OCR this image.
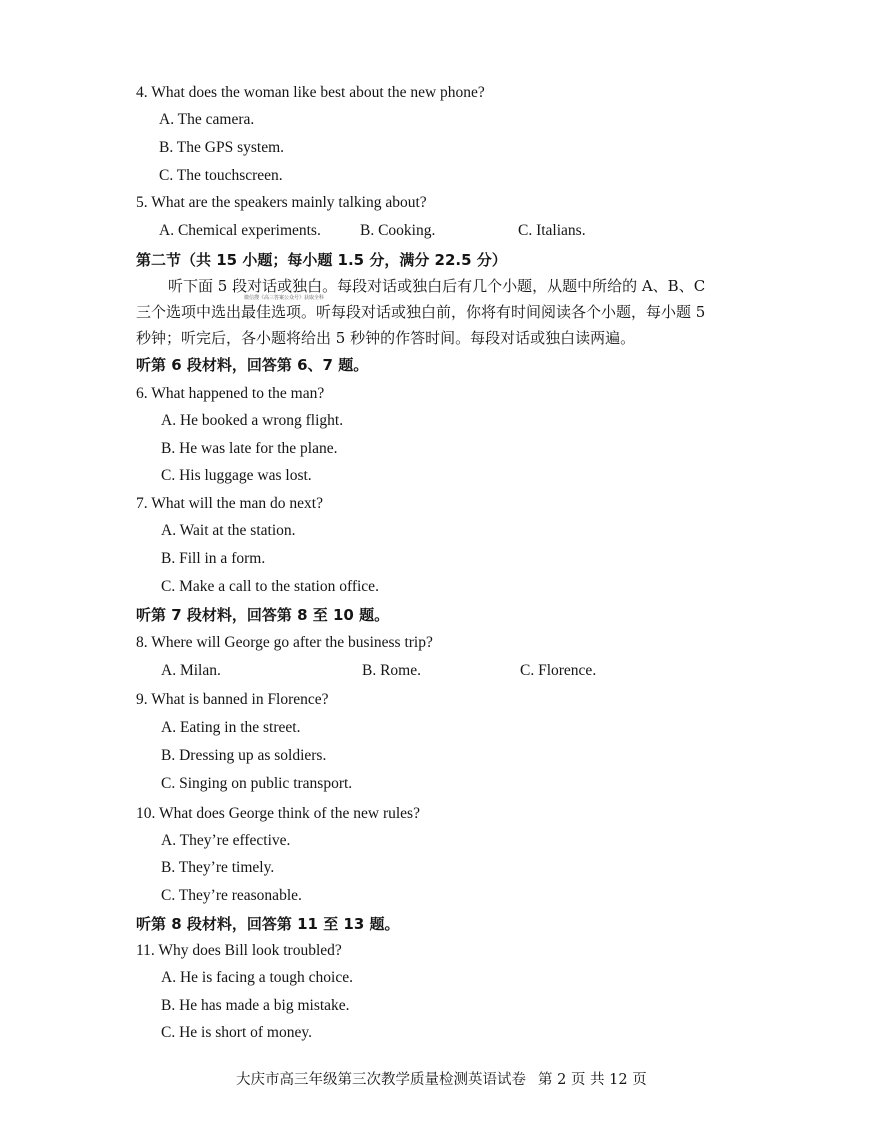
4. What does the woman like best about the new phone?
A. The camera.
B. The GPS system.
C. The touchscreen.
5. What are the speakers mainly talking about?
A. Chemical experiments.	B. Cooking.	C. Italians.
第二节（共 15 小题；每小题 1.5 分，满分 22.5 分）
听下面 5 段对话或独白。每段对话或独白后有几个小题，从题中所给的 A、B、C
微信搜《高三答案公众号》获取全科
三个选项中选出最佳选项。听每段对话或独白前，你将有时间阅读各个小题，每小题 5
秒钟；听完后，各小题将给出 5 秒钟的作答时间。每段对话或独白读两遍。
听第 6 段材料，回答第 6、7 题。
6. What happened to the man?
A. He booked a wrong flight.
B. He was late for the plane.
C. His luggage was lost.
7. What will the man do next?
A. Wait at the station.
B. Fill in a form.
C. Make a call to the station office.
听第 7 段材料，回答第 8 至 10 题。
8. Where will George go after the business trip?
A. Milan.	B. Rome.	C. Florence.
9. What is banned in Florence?
A. Eating in the street.
B. Dressing up as soldiers.
C. Singing on public transport.
10. What does George think of the new rules?
A. They’re effective.
B. They’re timely.
C. They’re reasonable.
听第 8 段材料，回答第 11 至 13 题。
11. Why does Bill look troubled?
A. He is facing a tough choice.
B. He has made a big mistake.
C. He is short of money.
大庆市高三年级第三次教学质量检测英语试卷 第 2 页 共 12 页
